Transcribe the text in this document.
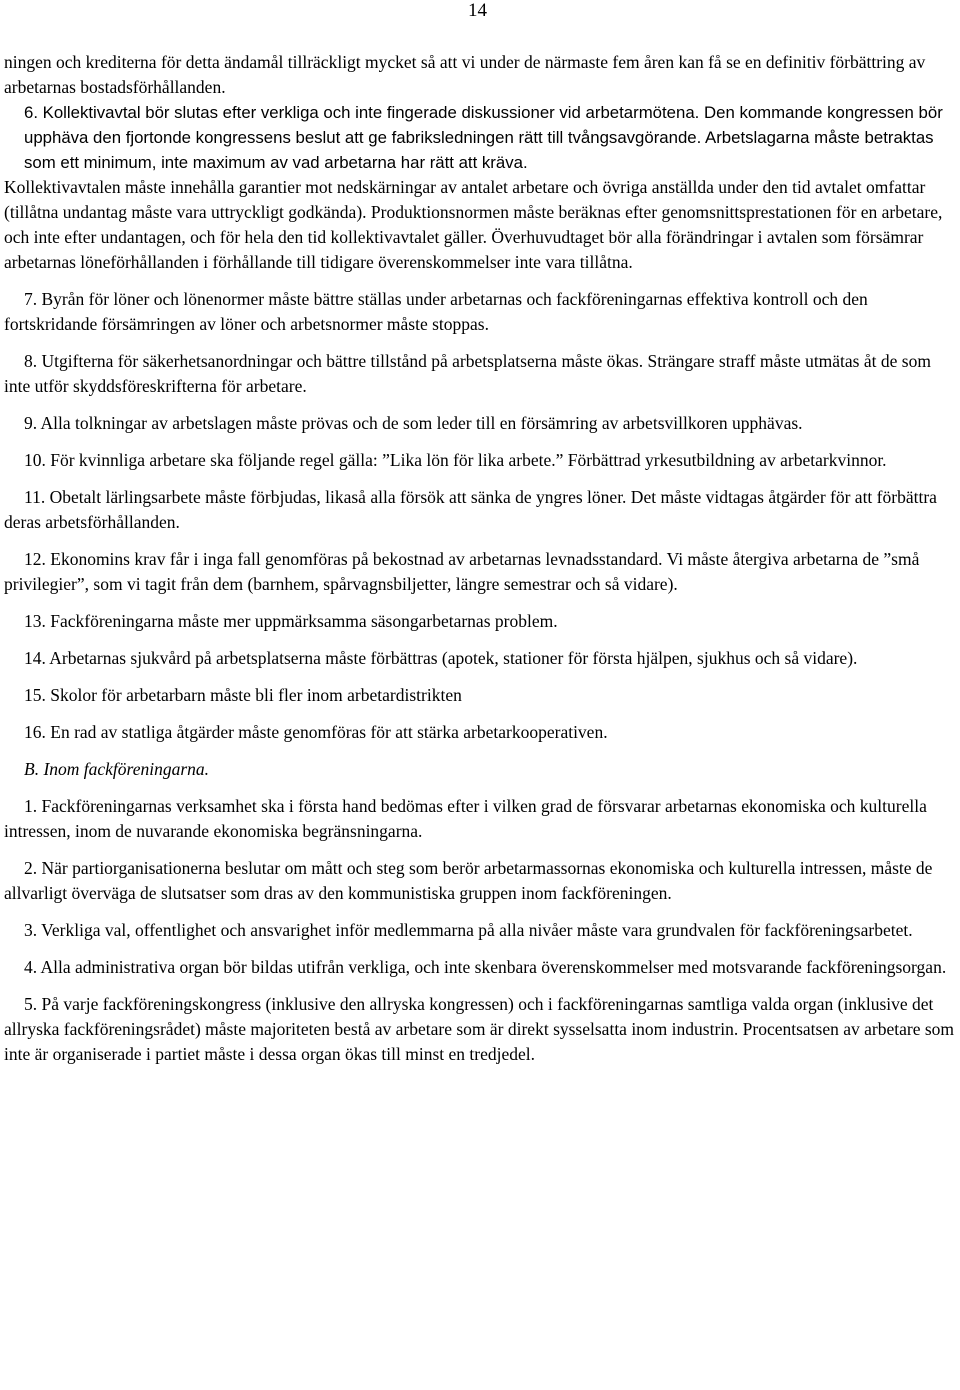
14

ningen och krediterna för detta ändamål tillräckligt mycket så att vi under de närmaste fem åren kan få se en definitiv förbättring av arbetarnas bostadsförhållanden.

6. Kollektivavtal bör slutas efter verkliga och inte fingerade diskussioner vid arbetarmötena. Den kommande kongressen bör upphäva den fjortonde kongressens beslut att ge fabriksledningen rätt till tvångsavgörande. Arbetslagarna måste betraktas som ett minimum, inte maximum av vad arbetarna har rätt att kräva.

Kollektivavtalen måste innehålla garantier mot nedskärningar av antalet arbetare och övriga anställda under den tid avtalet omfattar (tillåtna undantag måste vara uttryckligt godkända). Produktionsnormen måste beräknas efter genomsnittsprestationen för en arbetare, och inte efter undantagen, och för hela den tid kollektivavtalet gäller. Överhuvudtaget bör alla förändringar i avtalen som försämrar arbetarnas löneförhållanden i förhållande till tidigare överenskommelser inte vara tillåtna.

7. Byrån för löner och lönenormer måste bättre ställas under arbetarnas och fackföreningarnas effektiva kontroll och den fortskridande försämringen av löner och arbetsnormer måste stoppas.

8. Utgifterna för säkerhetsanordningar och bättre tillstånd på arbetsplatserna måste ökas. Strängare straff måste utmätas åt de som inte utför skyddsföreskrifterna för arbetare.

9. Alla tolkningar av arbetslagen måste prövas och de som leder till en försämring av arbetsvillkoren upphävas.

10. För kvinnliga arbetare ska följande regel gälla: ”Lika lön för lika arbete.” Förbättrad yrkesutbildning av arbetarkvinnor.

11. Obetalt lärlingsarbete måste förbjudas, likaså alla försök att sänka de yngres löner. Det måste vidtagas åtgärder för att förbättra deras arbetsförhållanden.

12. Ekonomins krav får i inga fall genomföras på bekostnad av arbetarnas levnadsstandard. Vi måste återgiva arbetarna de ”små privilegier”, som vi tagit från dem (barnhem, spårvagnsbiljetter, längre semestrar och så vidare).

13. Fackföreningarna måste mer uppmärksamma säsongarbetarnas problem.

14. Arbetarnas sjukvård på arbetsplatserna måste förbättras (apotek, stationer för första hjälpen, sjukhus och så vidare).

15. Skolor för arbetarbarn måste bli fler inom arbetardistrikten

16. En rad av statliga åtgärder måste genomföras för att stärka arbetarkooperativen.

B. Inom fackföreningarna.

1. Fackföreningarnas verksamhet ska i första hand bedömas efter i vilken grad de försvarar arbetarnas ekonomiska och kulturella intressen, inom de nuvarande ekonomiska begränsningarna.

2. När partiorganisationerna beslutar om mått och steg som berör arbetarmassornas ekonomiska och kulturella intressen, måste de allvarligt överväga de slutsatser som dras av den kommunistiska gruppen inom fackföreningen.

3. Verkliga val, offentlighet och ansvarighet inför medlemmarna på alla nivåer måste vara grundvalen för fackföreningsarbetet.

4. Alla administrativa organ bör bildas utifrån verkliga, och inte skenbara överenskommelser med motsvarande fackföreningsorgan.

5. På varje fackföreningskongress (inklusive den allryska kongressen) och i fackföreningarnas samtliga valda organ (inklusive det allryska fackföreningsrådet) måste majoriteten bestå av arbetare som är direkt sysselsatta inom industrin. Procentsatsen av arbetare som inte är organiserade i partiet måste i dessa organ ökas till minst en tredjedel.
